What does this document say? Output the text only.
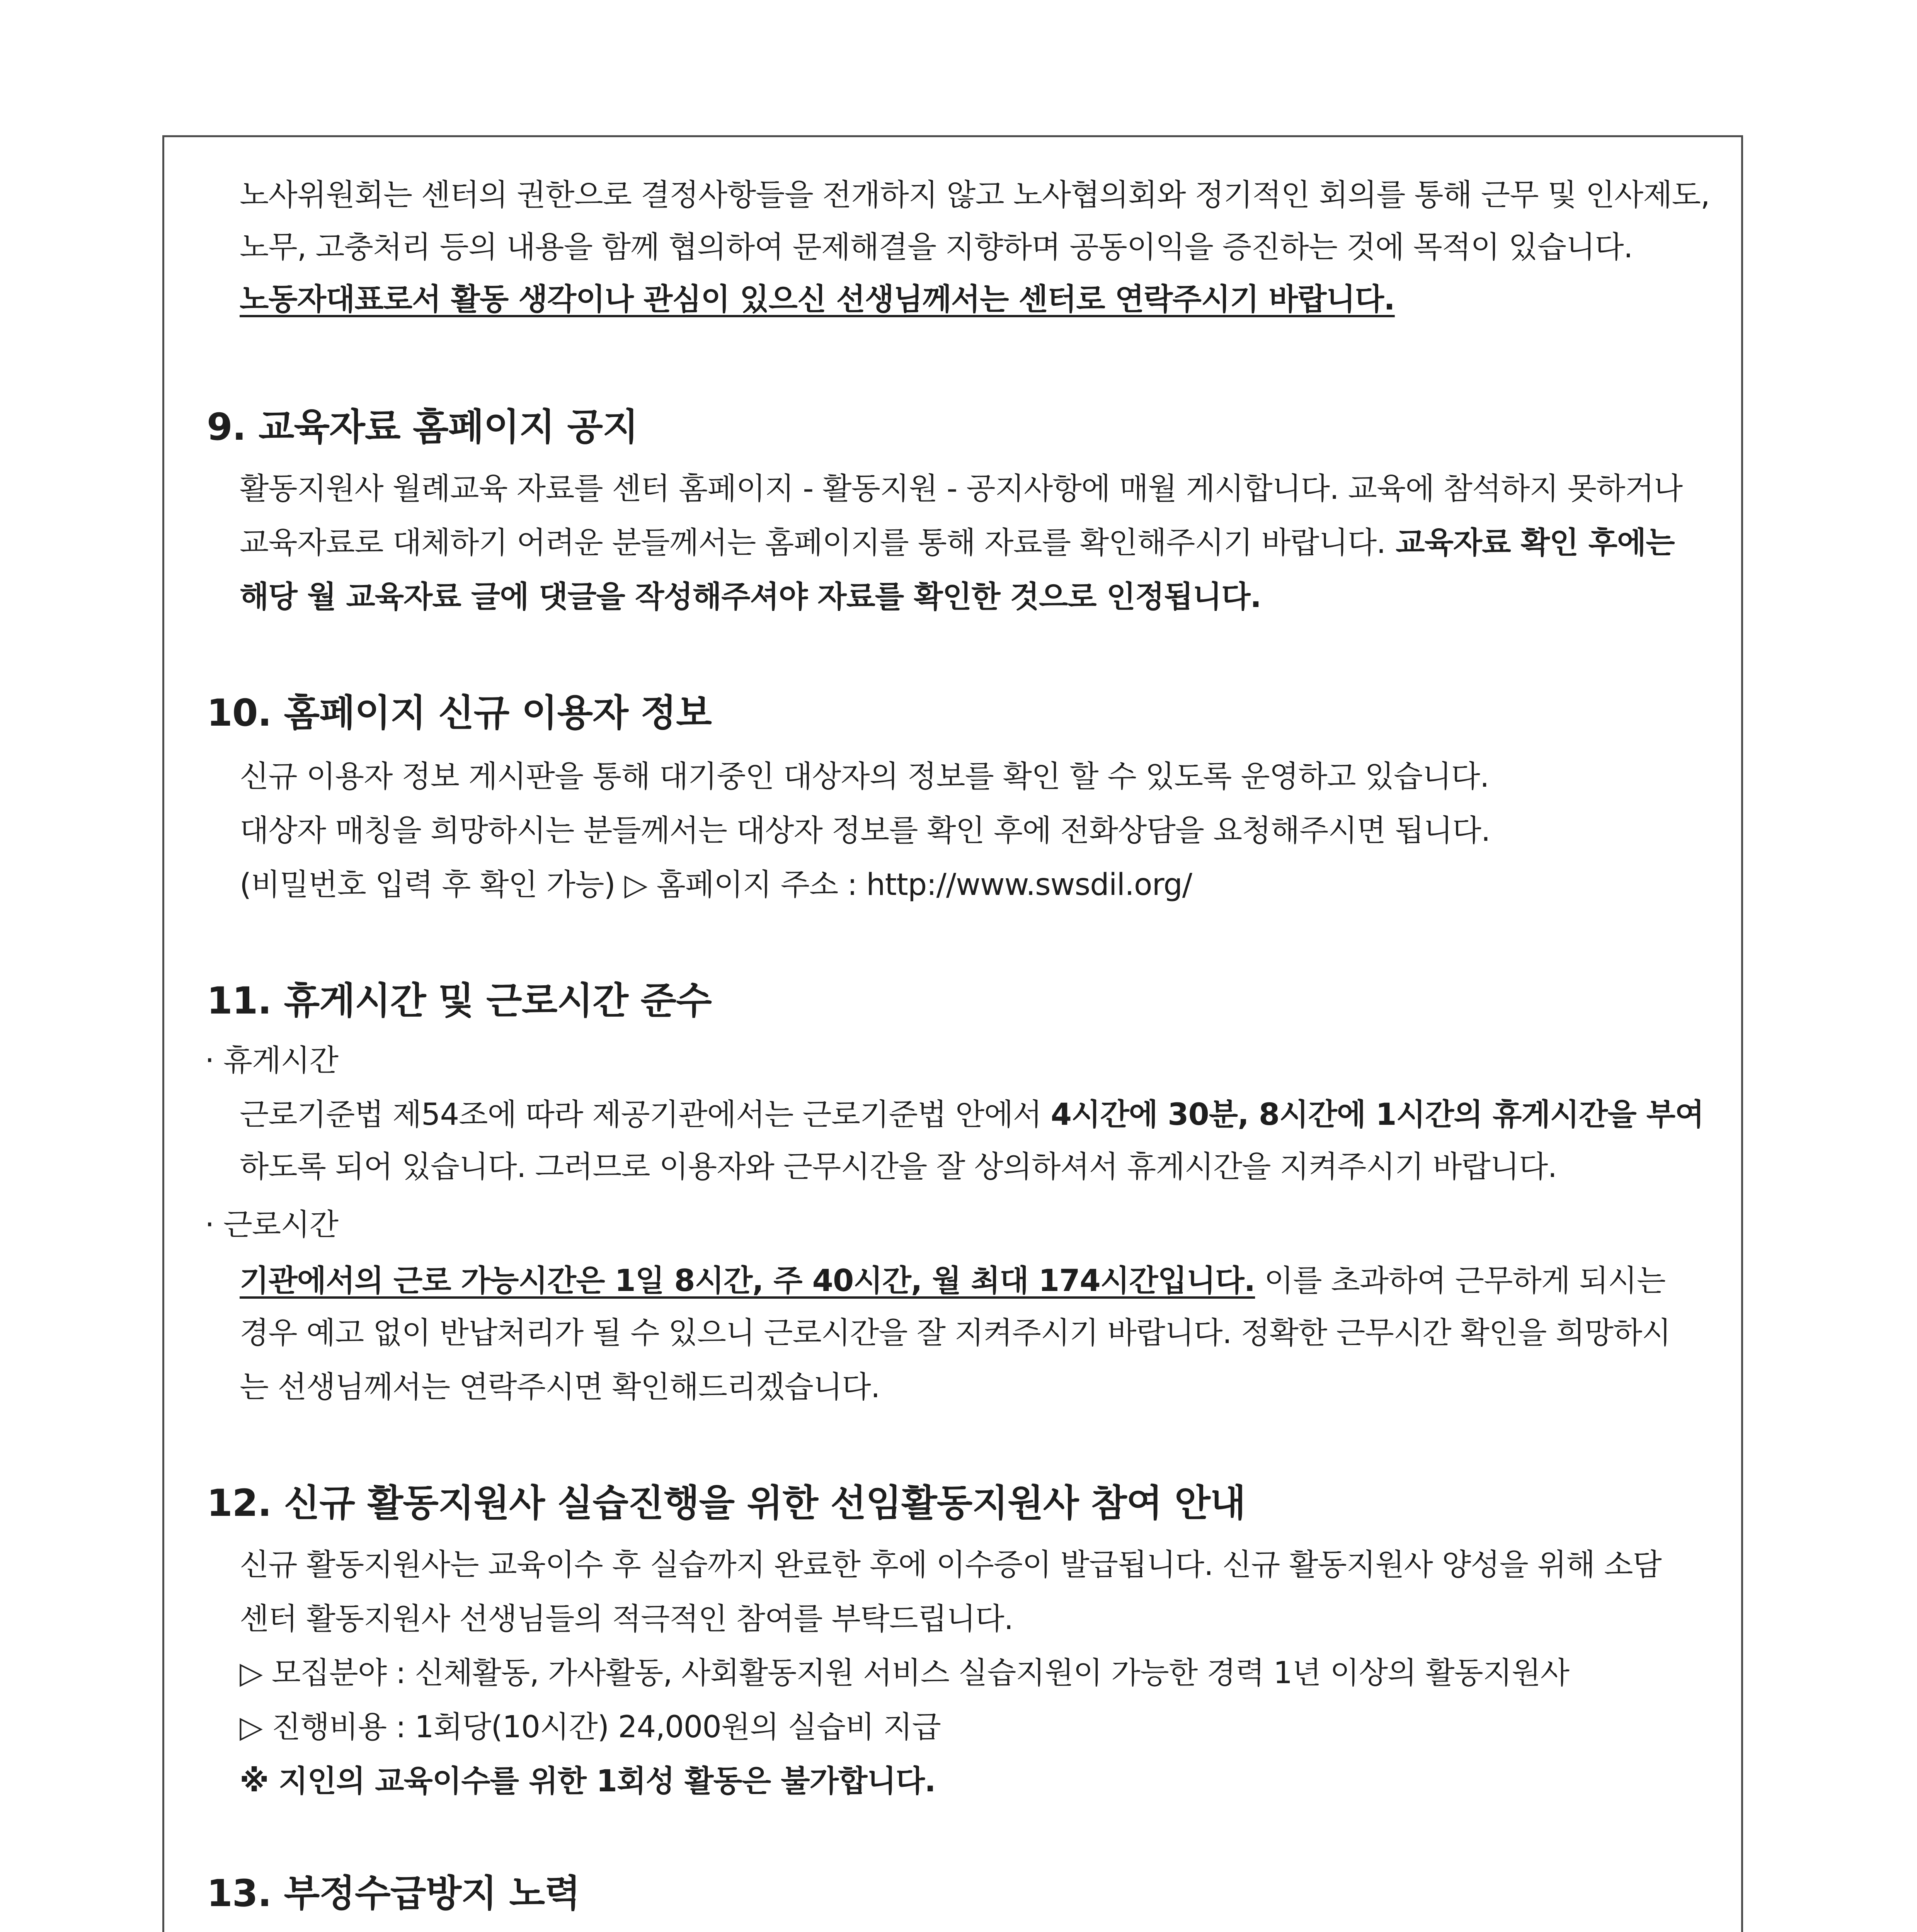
노사위원회는 센터의 권한으로 결정사항들을 전개하지 않고 노사협의회와 정기적인 회의를 통해 근무 및 인사제도,
노무, 고충처리 등의 내용을 함께 협의하여 문제해결을 지향하며 공동이익을 증진하는 것에 목적이 있습니다.
노동자대표로서 활동 생각이나 관심이 있으신 선생님께서는 센터로 연락주시기 바랍니다.
9. 교육자료 홈페이지 공지
활동지원사 월례교육 자료를 센터 홈페이지 - 활동지원 - 공지사항에 매월 게시합니다. 교육에 참석하지 못하거나
교육자료로 대체하기 어려운 분들께서는 홈페이지를 통해 자료를 확인해주시기 바랍니다. 교육자료 확인 후에는
해당 월 교육자료 글에 댓글을 작성해주셔야 자료를 확인한 것으로 인정됩니다.
10. 홈페이지 신규 이용자 정보
신규 이용자 정보 게시판을 통해 대기중인 대상자의 정보를 확인 할 수 있도록 운영하고 있습니다.
대상자 매칭을 희망하시는 분들께서는 대상자 정보를 확인 후에 전화상담을 요청해주시면 됩니다.
(비밀번호 입력 후 확인 가능) ▷ 홈페이지 주소 : http://www.swsdil.org/
11. 휴게시간 및 근로시간 준수
· 휴게시간
근로기준법 제54조에 따라 제공기관에서는 근로기준법 안에서 4시간에 30분, 8시간에 1시간의 휴게시간을 부여
하도록 되어 있습니다. 그러므로 이용자와 근무시간을 잘 상의하셔서 휴게시간을 지켜주시기 바랍니다.
· 근로시간
기관에서의 근로 가능시간은 1일 8시간, 주 40시간, 월 최대 174시간입니다. 이를 초과하여 근무하게 되시는
경우 예고 없이 반납처리가 될 수 있으니 근로시간을 잘 지켜주시기 바랍니다. 정확한 근무시간 확인을 희망하시
는 선생님께서는 연락주시면 확인해드리겠습니다.
12. 신규 활동지원사 실습진행을 위한 선임활동지원사 참여 안내
신규 활동지원사는 교육이수 후 실습까지 완료한 후에 이수증이 발급됩니다. 신규 활동지원사 양성을 위해 소담
센터 활동지원사 선생님들의 적극적인 참여를 부탁드립니다.
▷ 모집분야 : 신체활동, 가사활동, 사회활동지원 서비스 실습지원이 가능한 경력 1년 이상의 활동지원사
▷ 진행비용 : 1회당(10시간) 24,000원의 실습비 지급
※ 지인의 교육이수를 위한 1회성 활동은 불가합니다.
13. 부정수급방지 노력
